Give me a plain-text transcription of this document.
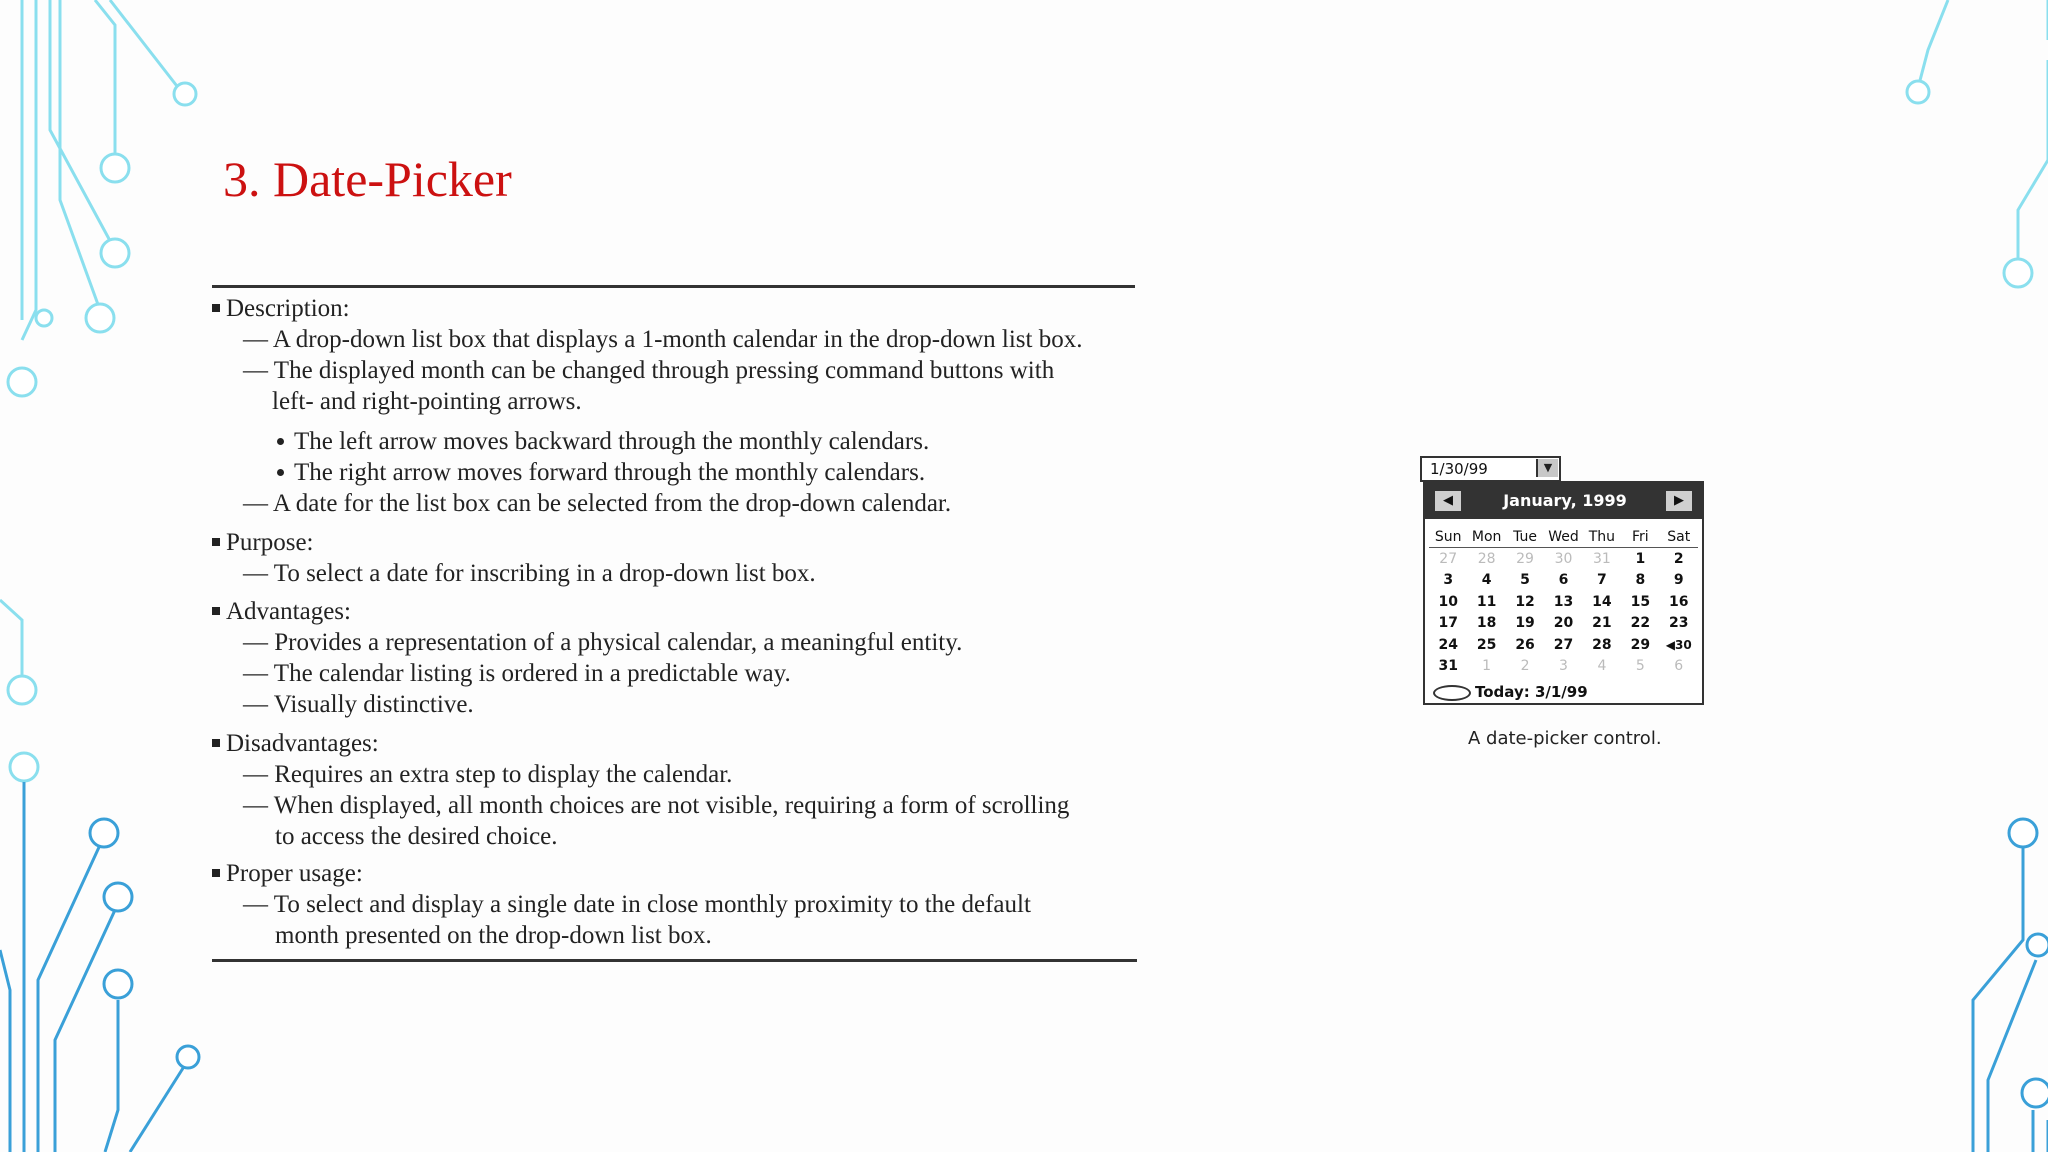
3. Date-Picker
Description:
— A drop-down list box that displays a 1-month calendar in the drop-down list box.
— The displayed month can be changed through pressing command buttons with
left- and right-pointing arrows.
The left arrow moves backward through the monthly calendars.
The right arrow moves forward through the monthly calendars.
— A date for the list box can be selected from the drop-down calendar.
Purpose:
— To select a date for inscribing in a drop-down list box.
Advantages:
— Provides a representation of a physical calendar, a meaningful entity.
— The calendar listing is ordered in a predictable way.
— Visually distinctive.
Disadvantages:
— Requires an extra step to display the calendar.
— When displayed, all month choices are not visible, requiring a form of scrolling
to access the desired choice.
Proper usage:
— To select and display a single date in close monthly proximity to the default
month presented on the drop-down list box.
1/30/99	▼
◀	January, 1999	▶
Sun	Mon	Tue	Wed	Thu	Fri	Sat
27	28	29	30	31	1	2
3	4	5	6	7	8	9
10	11	12	13	14	15	16
17	18	19	20	21	22	23
24	25	26	27	28	29	◀30
31	1	2	3	4	5	6
Today: 3/1/99
A date-picker control.
